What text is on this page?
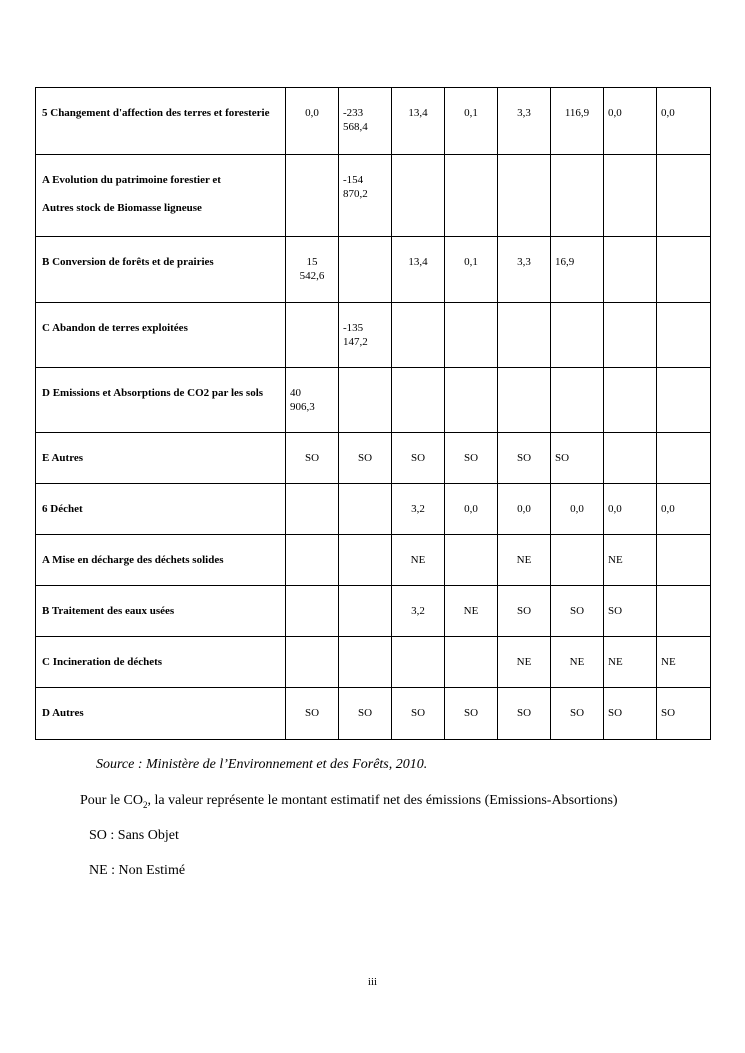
5 Changement d'affection des terres et foresterie	0,0	-233
568,4	13,4	0,1	3,3	116,9	0,0	0,0
A Evolution du patrimoine forestier et

Autres stock de Biomasse ligneuse		-154
870,2						
B Conversion de forêts et de prairies	15
542,6		13,4	0,1	3,3	16,9		
C Abandon de terres exploitées		-135
147,2						
D Emissions et Absorptions de CO2 par les sols	40
906,3							
E Autres	SO	SO	SO	SO	SO	SO		
6 Déchet			3,2	0,0	0,0	0,0	0,0	0,0
A Mise en décharge des déchets solides			NE		NE		NE	
B Traitement des eaux usées			3,2	NE	SO	SO	SO	
C Incineration de déchets					NE	NE	NE	NE
D Autres	SO	SO	SO	SO	SO	SO	SO	SO
Source : Ministère de l’Environnement et des Forêts, 2010.
Pour le $CO_2$, la valeur représente le montant estimatif net des émissions (Emissions-Absortions)
SO : Sans Objet
NE : Non Estimé
iii
